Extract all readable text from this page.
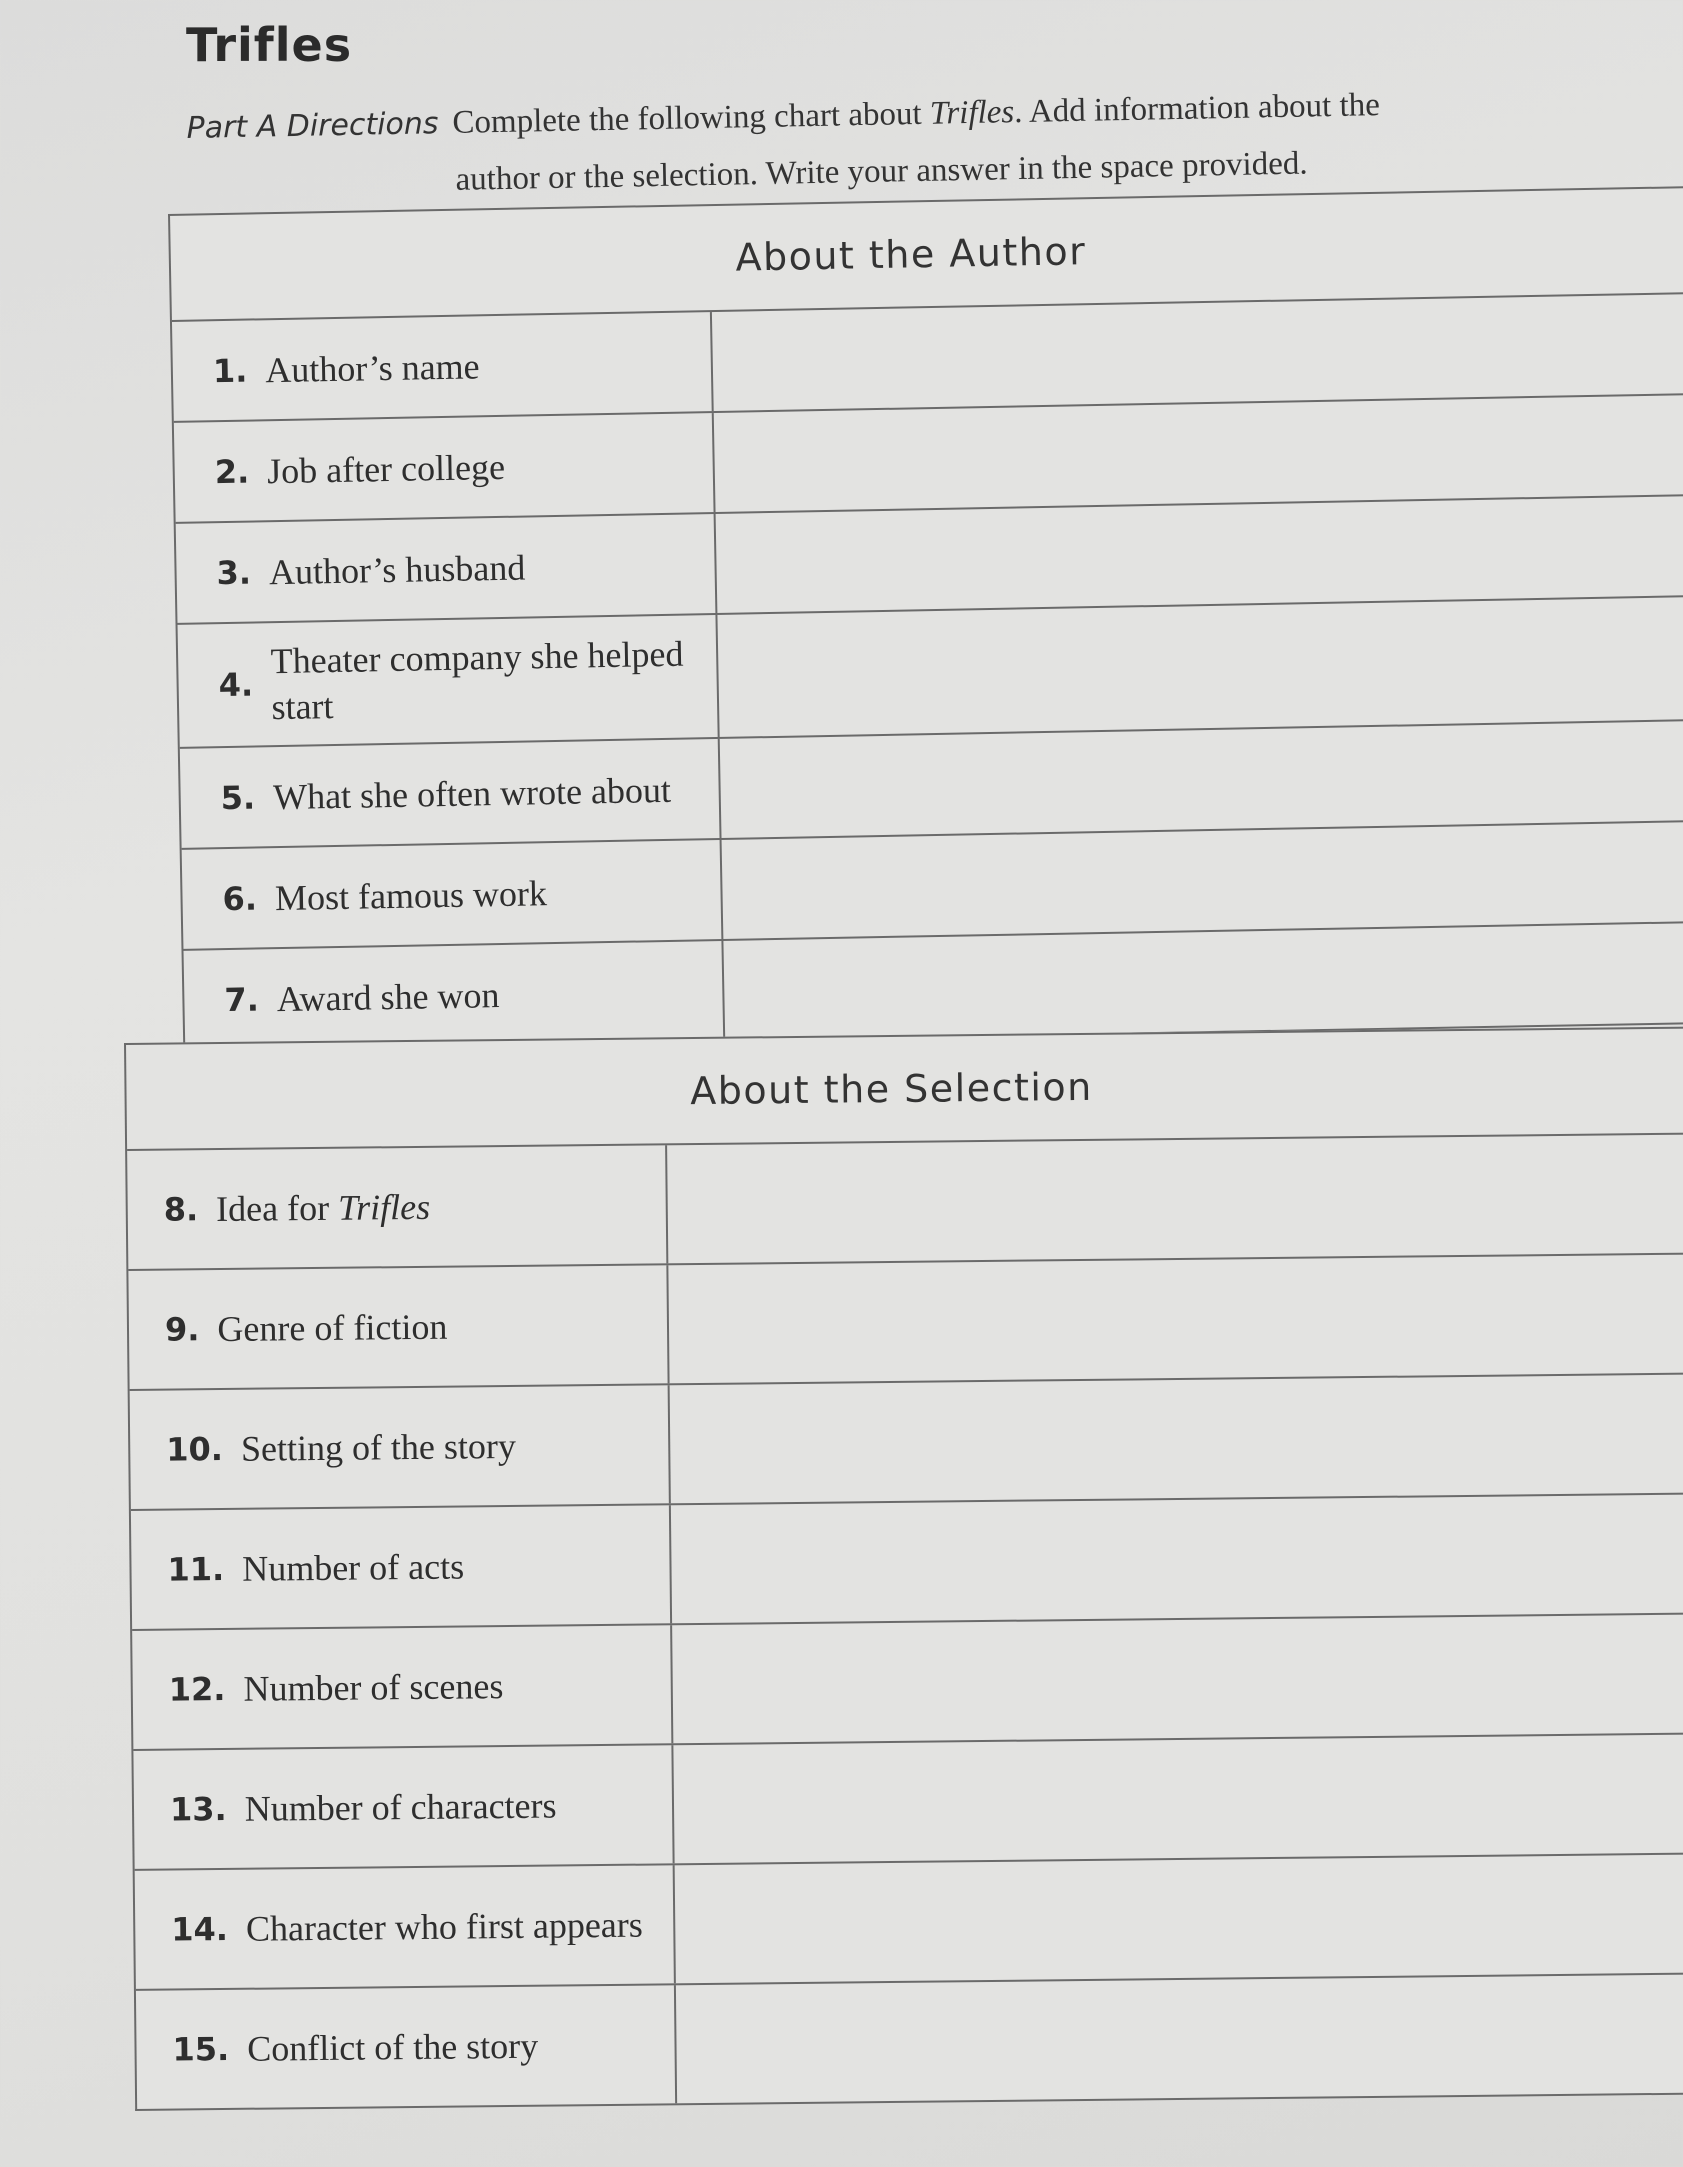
Trifles
Part A Directions Complete the following chart about Trifles. Add information about the
author or the selection. Write your answer in the space provided.
About the Author
1. Author’s name
2. Job after college
3. Author’s husband
4.
Theater company she helped start
5. What she often wrote about
6. Most famous work
7. Award she won
About the Selection
8. Idea for
Trifles
9. Genre of fiction
10. Setting of the story
11. Number of acts
12. Number of scenes
13. Number of characters
14. Character who first appears
15. Conflict of the story
